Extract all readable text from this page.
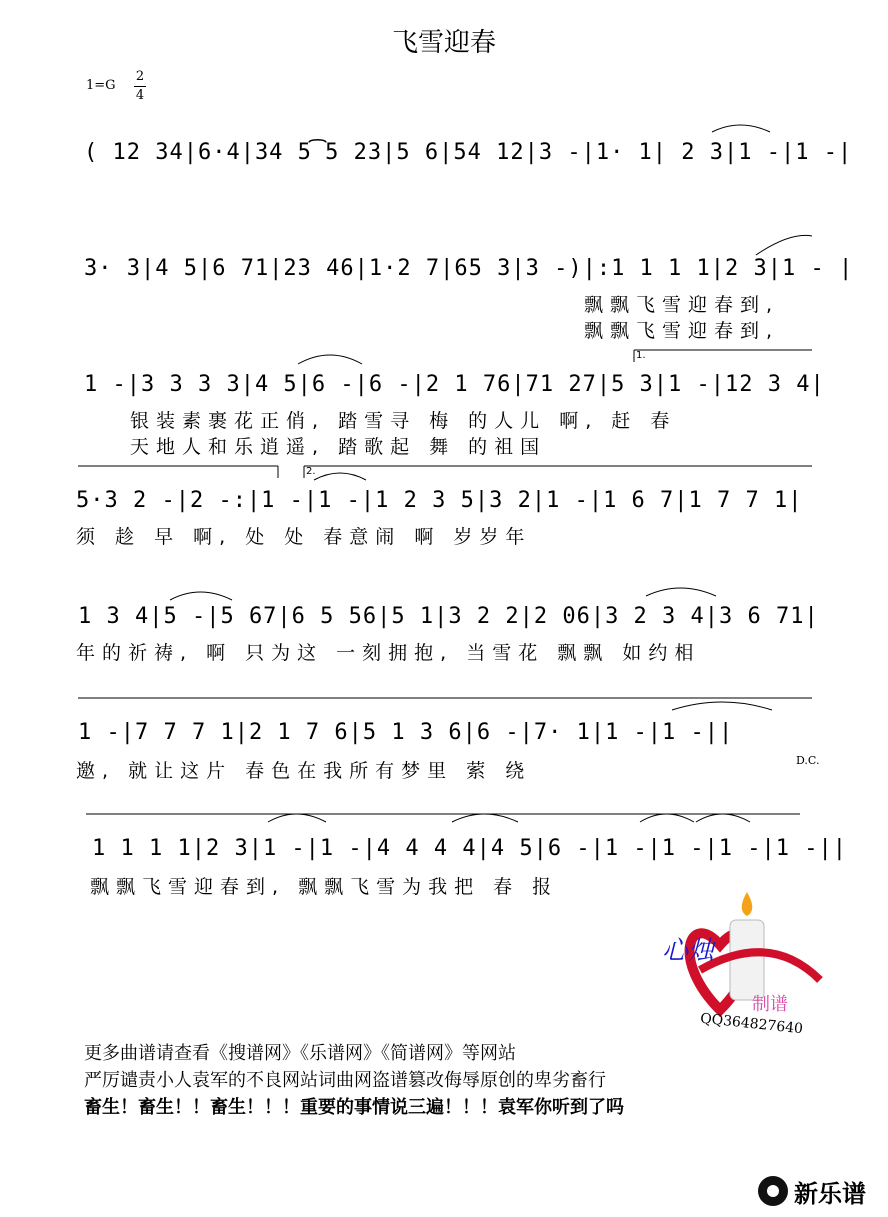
飞雪迎春
1=G
2
4
( 12 34|6·4|34 5͡5 23|5 6|54 12|3 -|1· 1| 2 3|1 -|1 -|
3· 3|4 5|6 71|23 46|1·2 7|65 3|3 -)|:1 1 1 1|2 3|1 - |
飘飘飞雪迎春到,
飘飘飞雪迎春到,
1 -|3 3 3 3|4 5|6 -|6 -|2 1 76|71 27|5 3|1 -|12 3 4|
银装素裹花正俏, 踏雪寻 梅 的人儿 啊, 赶 春
天地人和乐逍遥, 踏歌起 舞 的祖国
1.
5·3 2 -|2 -:|1 -|1 -|1 2 3 5|3 2|1 -|1 6 7|1 7 7 1|
须 趁 早 啊, 处 处 春意闹 啊 岁岁年
2.
1 3 4|5 -|5 67|6 5 56|5 1|3 2 2|2 06|3 2 3 4|3 6 71|
年的祈祷, 啊 只为这 一刻拥抱, 当雪花 飘飘 如约相
1 -|7 7 7 1|2 1 7 6|5 1 3 6|6 -|7· 1|1 -|1 -||
邀, 就让这片 春色在我所有梦里 萦 绕	D.C.
1 1 1 1|2 3|1 -|1 -|4 4 4 4|4 5|6 -|1 -|1 -|1 -|1 -||
飘飘飞雪迎春到, 飘飘飞雪为我把 春 报
心烛
制谱
QQ364827640
更多曲谱请查看《搜谱网》《乐谱网》《简谱网》等网站
严厉谴责小人袁军的不良网站词曲网盗谱篡改侮辱原创的卑劣畜行
畜生！畜生！！畜生！！！重要的事情说三遍！！！袁军你听到了吗
新乐谱
